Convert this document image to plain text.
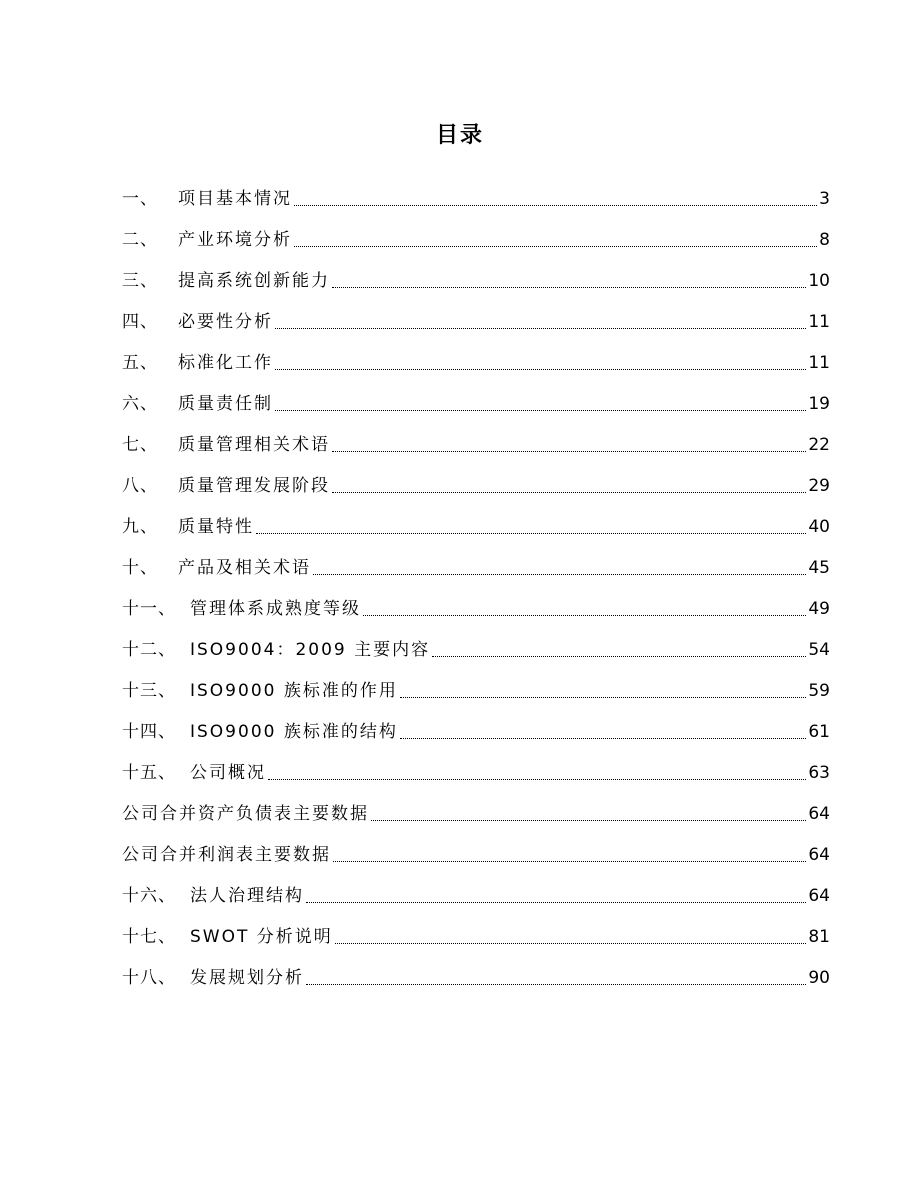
目录
一、 项目基本情况	3
二、 产业环境分析	8
三、 提高系统创新能力	10
四、 必要性分析	11
五、 标准化工作	11
六、 质量责任制	19
七、 质量管理相关术语	22
八、 质量管理发展阶段	29
九、 质量特性	40
十、 产品及相关术语	45
十一、 管理体系成熟度等级	49
十二、 ISO9004：2009 主要内容	54
十三、 ISO9000 族标准的作用	59
十四、 ISO9000 族标准的结构	61
十五、 公司概况	63
公司合并资产负债表主要数据	64
公司合并利润表主要数据	64
十六、 法人治理结构	64
十七、 SWOT 分析说明	81
十八、 发展规划分析	90
